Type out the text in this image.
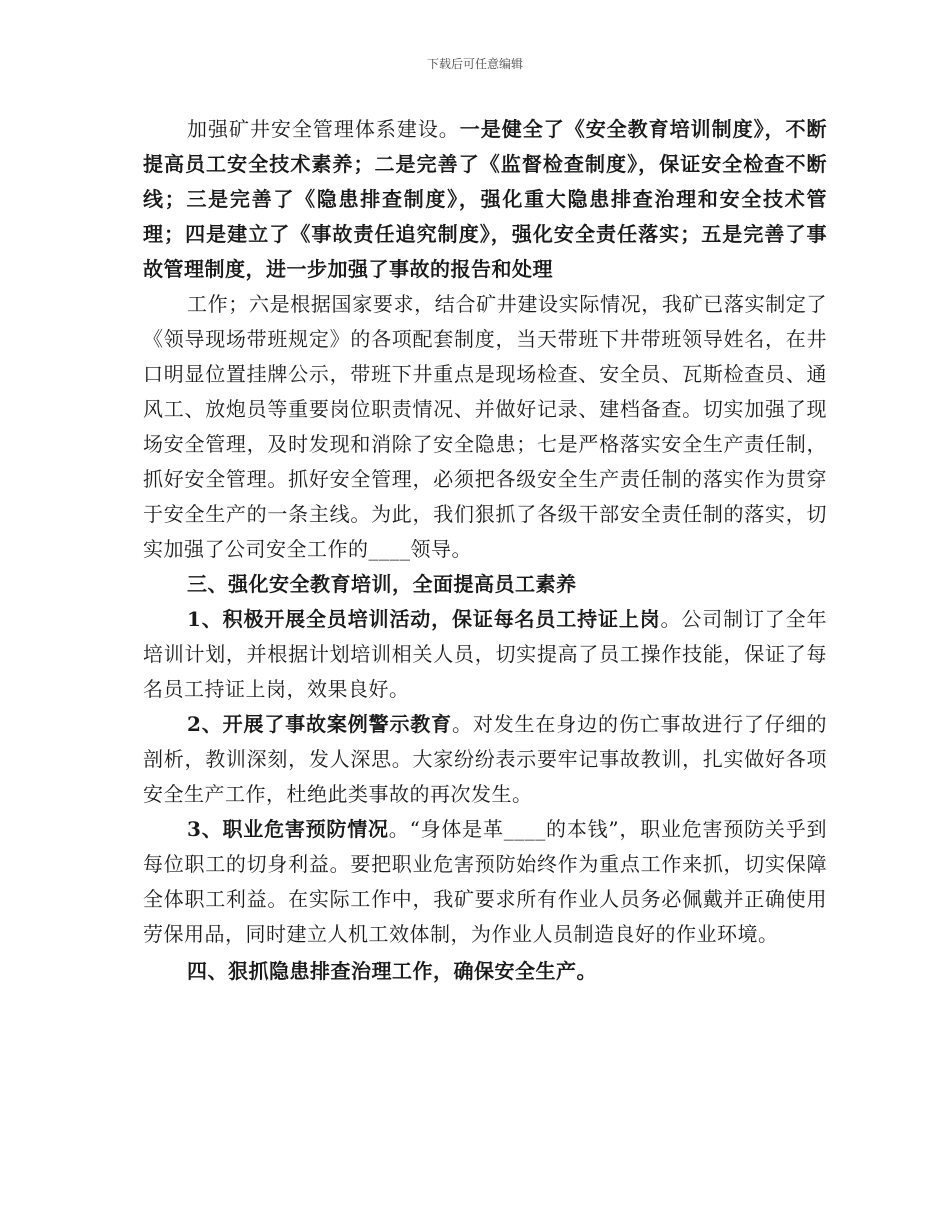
下载后可任意编辑

加强矿井安全管理体系建设。一是健全了《安全教育培训制度》，不断提高员工安全技术素养；二是完善了《监督检查制度》，保证安全检查不断线；三是完善了《隐患排查制度》，强化重大隐患排查治理和安全技术管理；四是建立了《事故责任追究制度》，强化安全责任落实；五是完善了事故管理制度，进一步加强了事故的报告和处理

工作；六是根据国家要求，结合矿井建设实际情况，我矿已落实制定了《领导现场带班规定》的各项配套制度，当天带班下井带班领导姓名，在井口明显位置挂牌公示，带班下井重点是现场检查、安全员、瓦斯检查员、通风工、放炮员等重要岗位职责情况、并做好记录、建档备查。切实加强了现场安全管理，及时发现和消除了安全隐患；七是严格落实安全生产责任制，抓好安全管理。抓好安全管理，必须把各级安全生产责任制的落实作为贯穿于安全生产的一条主线。为此，我们狠抓了各级干部安全责任制的落实，切实加强了公司安全工作的____领导。

三、强化安全教育培训，全面提高员工素养

1、积极开展全员培训活动，保证每名员工持证上岗。公司制订了全年培训计划，并根据计划培训相关人员，切实提高了员工操作技能，保证了每名员工持证上岗，效果良好。

2、开展了事故案例警示教育。对发生在身边的伤亡事故进行了仔细的剖析，教训深刻，发人深思。大家纷纷表示要牢记事故教训，扎实做好各项安全生产工作，杜绝此类事故的再次发生。

3、职业危害预防情况。“身体是革____的本钱”，职业危害预防关乎到每位职工的切身利益。要把职业危害预防始终作为重点工作来抓，切实保障全体职工利益。在实际工作中，我矿要求所有作业人员务必佩戴并正确使用劳保用品，同时建立人机工效体制，为作业人员制造良好的作业环境。

四、狠抓隐患排查治理工作，确保安全生产。
